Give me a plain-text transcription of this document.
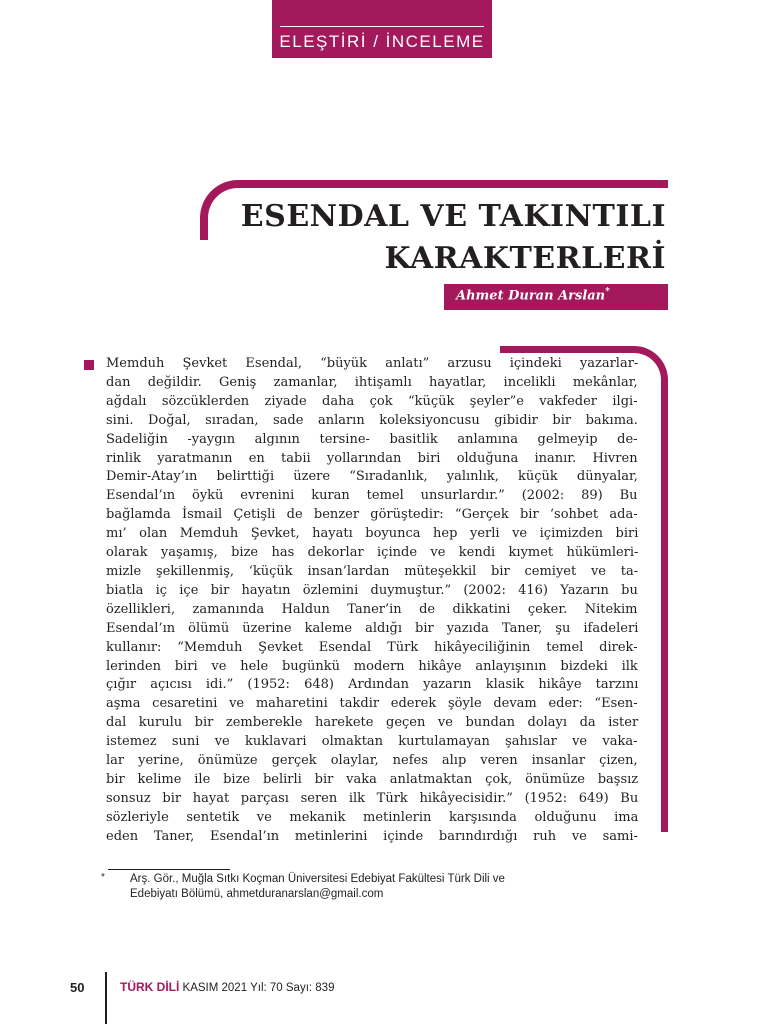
ELEŞTİRİ / İNCELEME
ESENDAL VE TAKINTILI
KARAKTERLERİ
Ahmet Duran Arslan*
Memduh Şevket Esendal, “büyük anlatı” arzusu içindeki yazarlar-
dan değildir. Geniş zamanlar, ihtişamlı hayatlar, incelikli mekânlar,
ağdalı sözcüklerden ziyade daha çok “küçük şeyler”e vakfeder ilgi-
sini. Doğal, sıradan, sade anların koleksiyoncusu gibidir bir bakıma.
Sadeliğin -yaygın algının tersine- basitlik anlamına gelmeyip de-
rinlik yaratmanın en tabii yollarından biri olduğuna inanır. Hivren
Demir-Atay’ın belirttiği üzere “Sıradanlık, yalınlık, küçük dünyalar,
Esendal’ın öykü evrenini kuran temel unsurlardır.” (2002: 89) Bu
bağlamda İsmail Çetişli de benzer görüştedir: “Gerçek bir ‘sohbet ada-
mı’ olan Memduh Şevket, hayatı boyunca hep yerli ve içimizden biri
olarak yaşamış, bize has dekorlar içinde ve kendi kıymet hükümleri-
mizle şekillenmiş, ‘küçük insan’lardan müteşekkil bir cemiyet ve ta-
biatla iç içe bir hayatın özlemini duymuştur.” (2002: 416) Yazarın bu
özellikleri, zamanında Haldun Taner’in de dikkatini çeker. Nitekim
Esendal’ın ölümü üzerine kaleme aldığı bir yazıda Taner, şu ifadeleri
kullanır: “Memduh Şevket Esendal Türk hikâyeciliğinin temel direk-
lerinden biri ve hele bugünkü modern hikâye anlayışının bizdeki ilk
çığır açıcısı idi.” (1952: 648) Ardından yazarın klasik hikâye tarzını
aşma cesaretini ve maharetini takdir ederek şöyle devam eder: “Esen-
dal kurulu bir zemberekle harekete geçen ve bundan dolayı da ister
istemez suni ve kuklavari olmaktan kurtulamayan şahıslar ve vaka-
lar yerine, önümüze gerçek olaylar, nefes alıp veren insanlar çizen,
bir kelime ile bize belirli bir vaka anlatmaktan çok, önümüze başsız
sonsuz bir hayat parçası seren ilk Türk hikâyecisidir.” (1952: 649) Bu
sözleriyle sentetik ve mekanik metinlerin karşısında olduğunu ima
eden Taner, Esendal’ın metinlerini içinde barındırdığı ruh ve sami-
* Arş. Gör., Muğla Sıtkı Koçman Üniversitesi Edebiyat Fakültesi Türk Dili ve
Edebiyatı Bölümü, ahmetduranarslan@gmail.com

50	TÜRK DİLİ KASIM 2021 Yıl: 70 Sayı: 839
